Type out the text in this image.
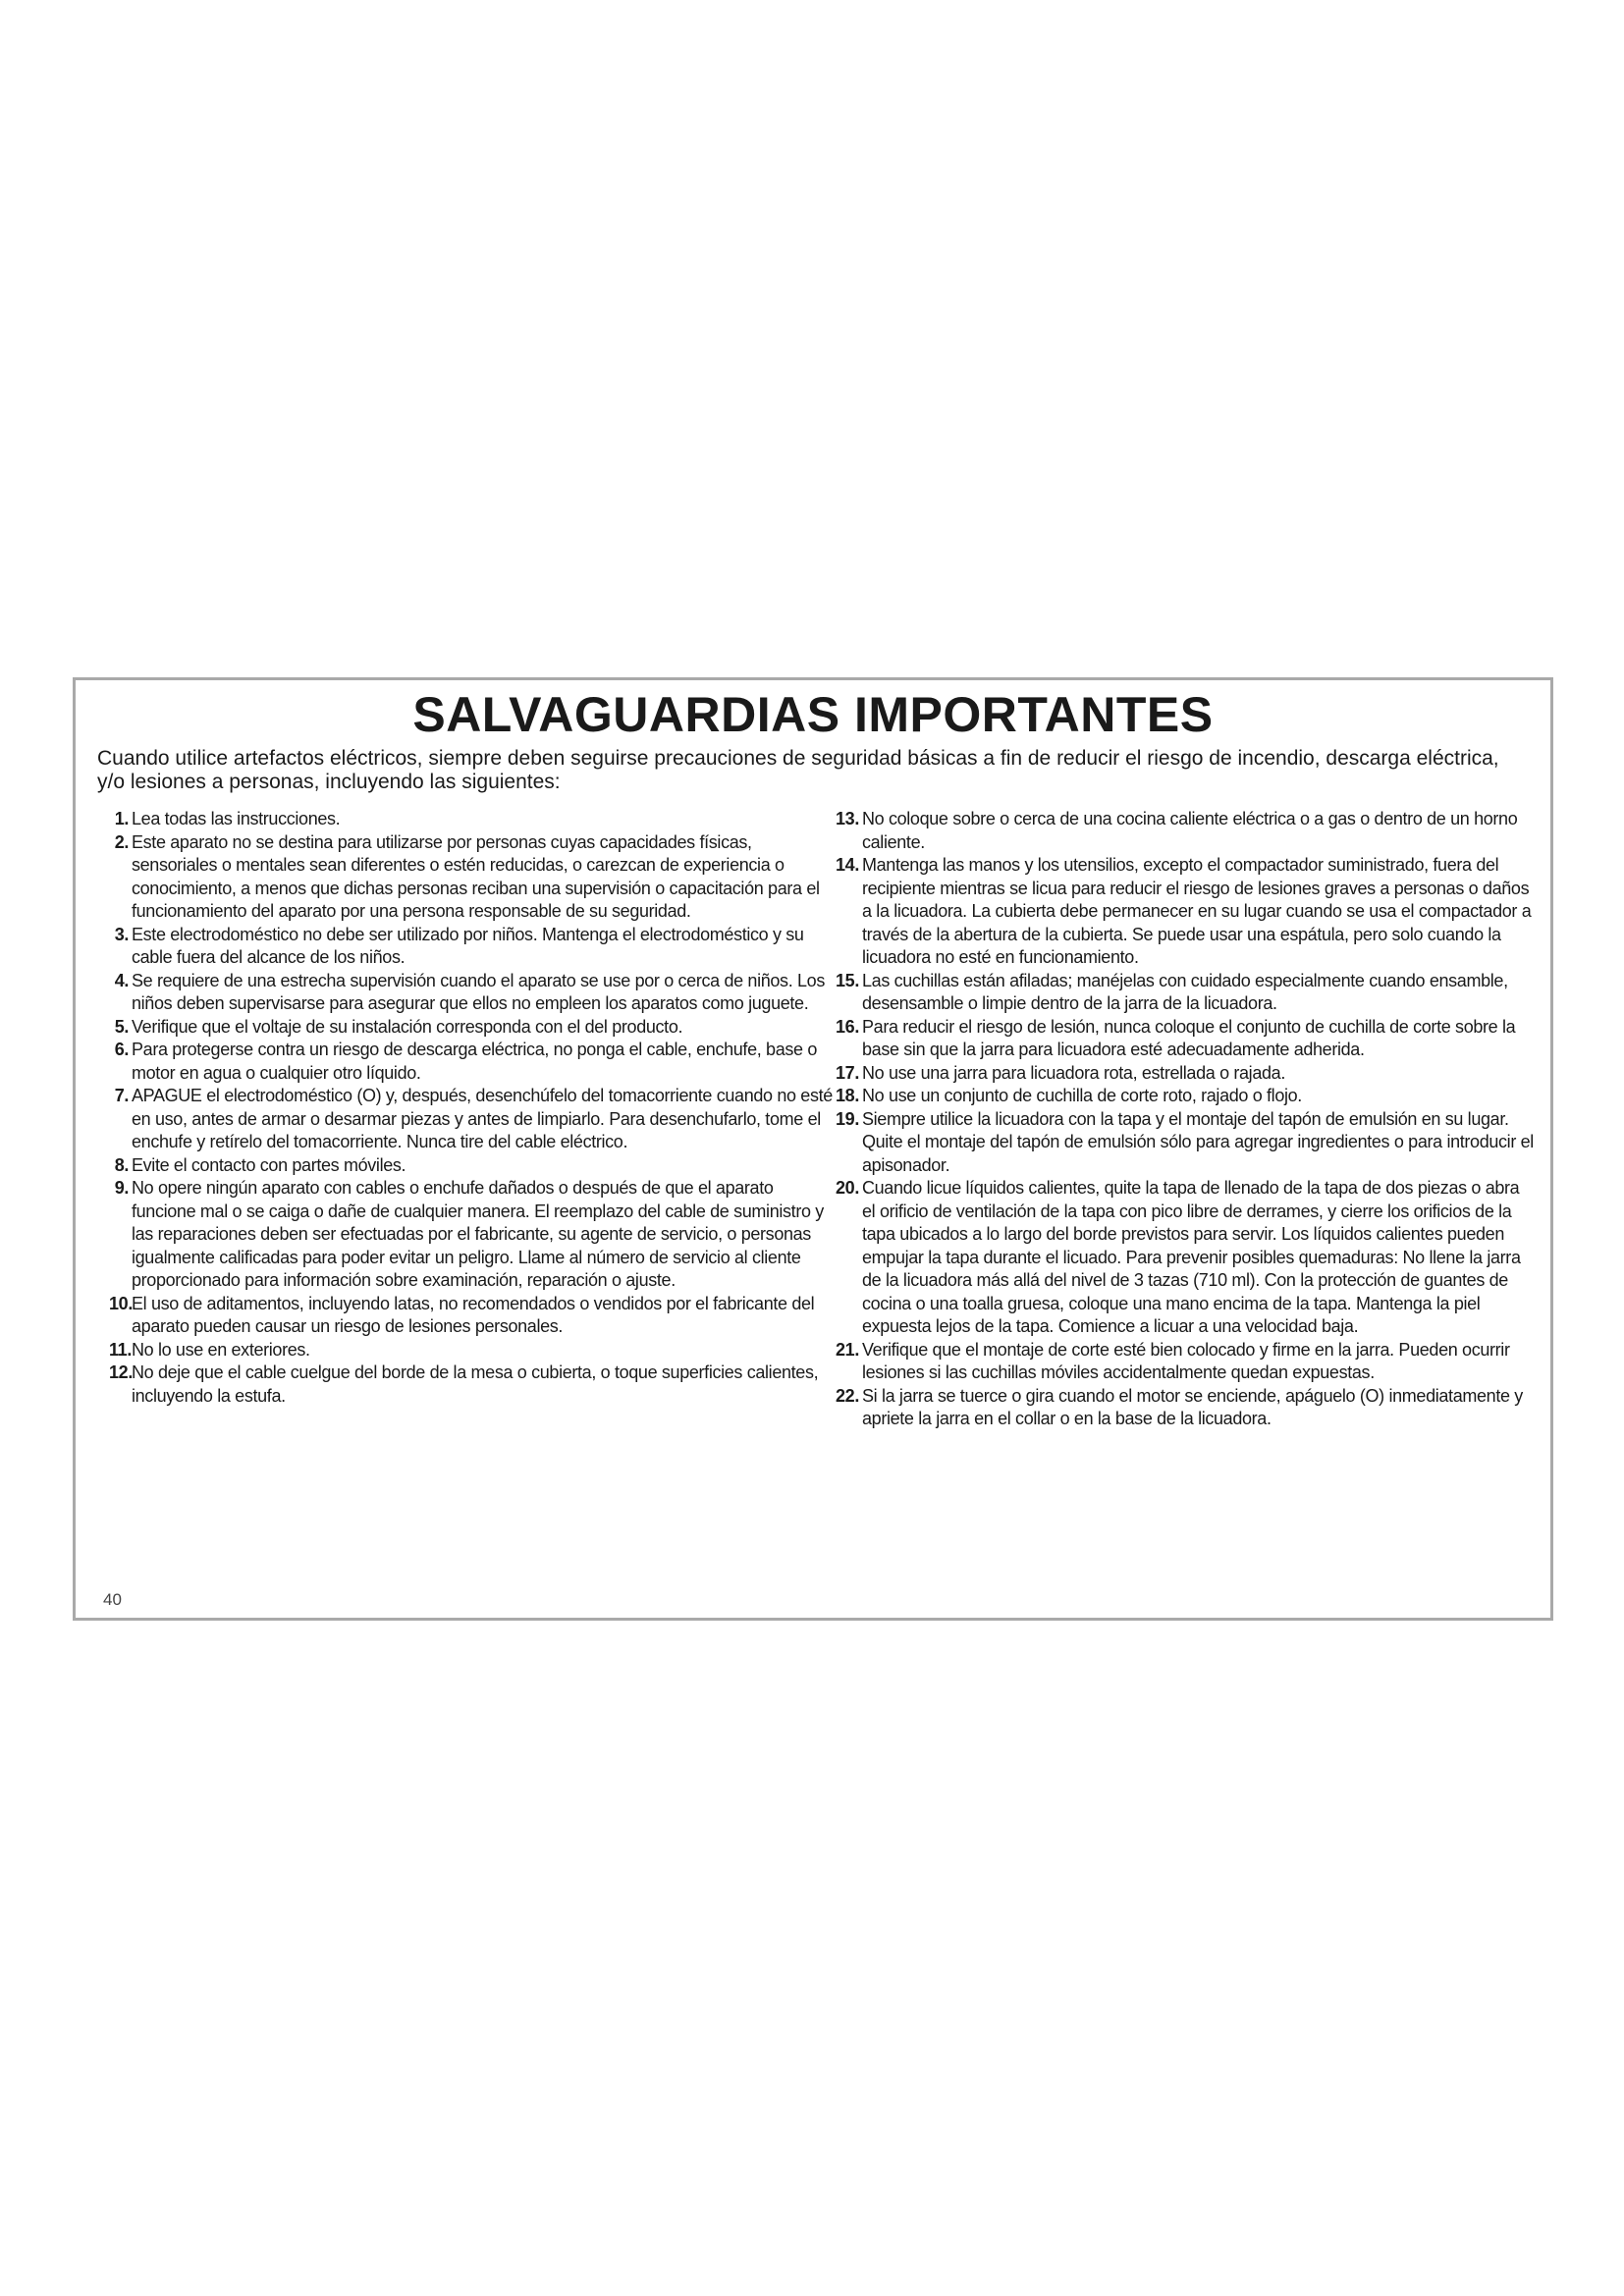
SALVAGUARDIAS IMPORTANTES
Cuando utilice artefactos eléctricos, siempre deben seguirse precauciones de seguridad básicas a fin de reducir el riesgo de incendio, descarga eléctrica, y/o lesiones a personas, incluyendo las siguientes:
1. Lea todas las instrucciones.
2. Este aparato no se destina para utilizarse por personas cuyas capacidades físicas, sensoriales o mentales sean diferentes o estén reducidas, o carezcan de experiencia o conocimiento, a menos que dichas personas reciban una supervisión o capacitación para el funcionamiento del aparato por una persona responsable de su seguridad.
3. Este electrodoméstico no debe ser utilizado por niños. Mantenga el electrodoméstico y su cable fuera del alcance de los niños.
4. Se requiere de una estrecha supervisión cuando el aparato se use por o cerca de niños. Los niños deben supervisarse para asegurar que ellos no empleen los aparatos como juguete.
5. Verifique que el voltaje de su instalación corresponda con el del producto.
6. Para protegerse contra un riesgo de descarga eléctrica, no ponga el cable, enchufe, base o motor en agua o cualquier otro líquido.
7. APAGUE el electrodoméstico (O) y, después, desenchúfelo del tomacorriente cuando no esté en uso, antes de armar o desarmar piezas y antes de limpiarlo. Para desenchufarlo, tome el enchufe y retírelo del tomacorriente. Nunca tire del cable eléctrico.
8. Evite el contacto con partes móviles.
9. No opere ningún aparato con cables o enchufe dañados o después de que el aparato funcione mal o se caiga o dañe de cualquier manera. El reemplazo del cable de suministro y las reparaciones deben ser efectuadas por el fabricante, su agente de servicio, o personas igualmente calificadas para poder evitar un peligro. Llame al número de servicio al cliente proporcionado para información sobre examinación, reparación o ajuste.
10. El uso de aditamentos, incluyendo latas, no recomendados o vendidos por el fabricante del aparato pueden causar un riesgo de lesiones personales.
11. No lo use en exteriores.
12. No deje que el cable cuelgue del borde de la mesa o cubierta, o toque superficies calientes, incluyendo la estufa.
13. No coloque sobre o cerca de una cocina caliente eléctrica o a gas o dentro de un horno caliente.
14. Mantenga las manos y los utensilios, excepto el compactador suministrado, fuera del recipiente mientras se licua para reducir el riesgo de lesiones graves a personas o daños a la licuadora. La cubierta debe permanecer en su lugar cuando se usa el compactador a través de la abertura de la cubierta. Se puede usar una espátula, pero solo cuando la licuadora no esté en funcionamiento.
15. Las cuchillas están afiladas; manéjelas con cuidado especialmente cuando ensamble, desensamble o limpie dentro de la jarra de la licuadora.
16. Para reducir el riesgo de lesión, nunca coloque el conjunto de cuchilla de corte sobre la base sin que la jarra para licuadora esté adecuadamente adherida.
17. No use una jarra para licuadora rota, estrellada o rajada.
18. No use un conjunto de cuchilla de corte roto, rajado o flojo.
19. Siempre utilice la licuadora con la tapa y el montaje del tapón de emulsión en su lugar. Quite el montaje del tapón de emulsión sólo para agregar ingredientes o para introducir el apisonador.
20. Cuando licue líquidos calientes, quite la tapa de llenado de la tapa de dos piezas o abra el orificio de ventilación de la tapa con pico libre de derrames, y cierre los orificios de la tapa ubicados a lo largo del borde previstos para servir. Los líquidos calientes pueden empujar la tapa durante el licuado. Para prevenir posibles quemaduras: No llene la jarra de la licuadora más allá del nivel de 3 tazas (710 ml). Con la protección de guantes de cocina o una toalla gruesa, coloque una mano encima de la tapa. Mantenga la piel expuesta lejos de la tapa. Comience a licuar a una velocidad baja.
21. Verifique que el montaje de corte esté bien colocado y firme en la jarra. Pueden ocurrir lesiones si las cuchillas móviles accidentalmente quedan expuestas.
22. Si la jarra se tuerce o gira cuando el motor se enciende, apáguelo (O) inmediatamente y apriete la jarra en el collar o en la base de la licuadora.
40
